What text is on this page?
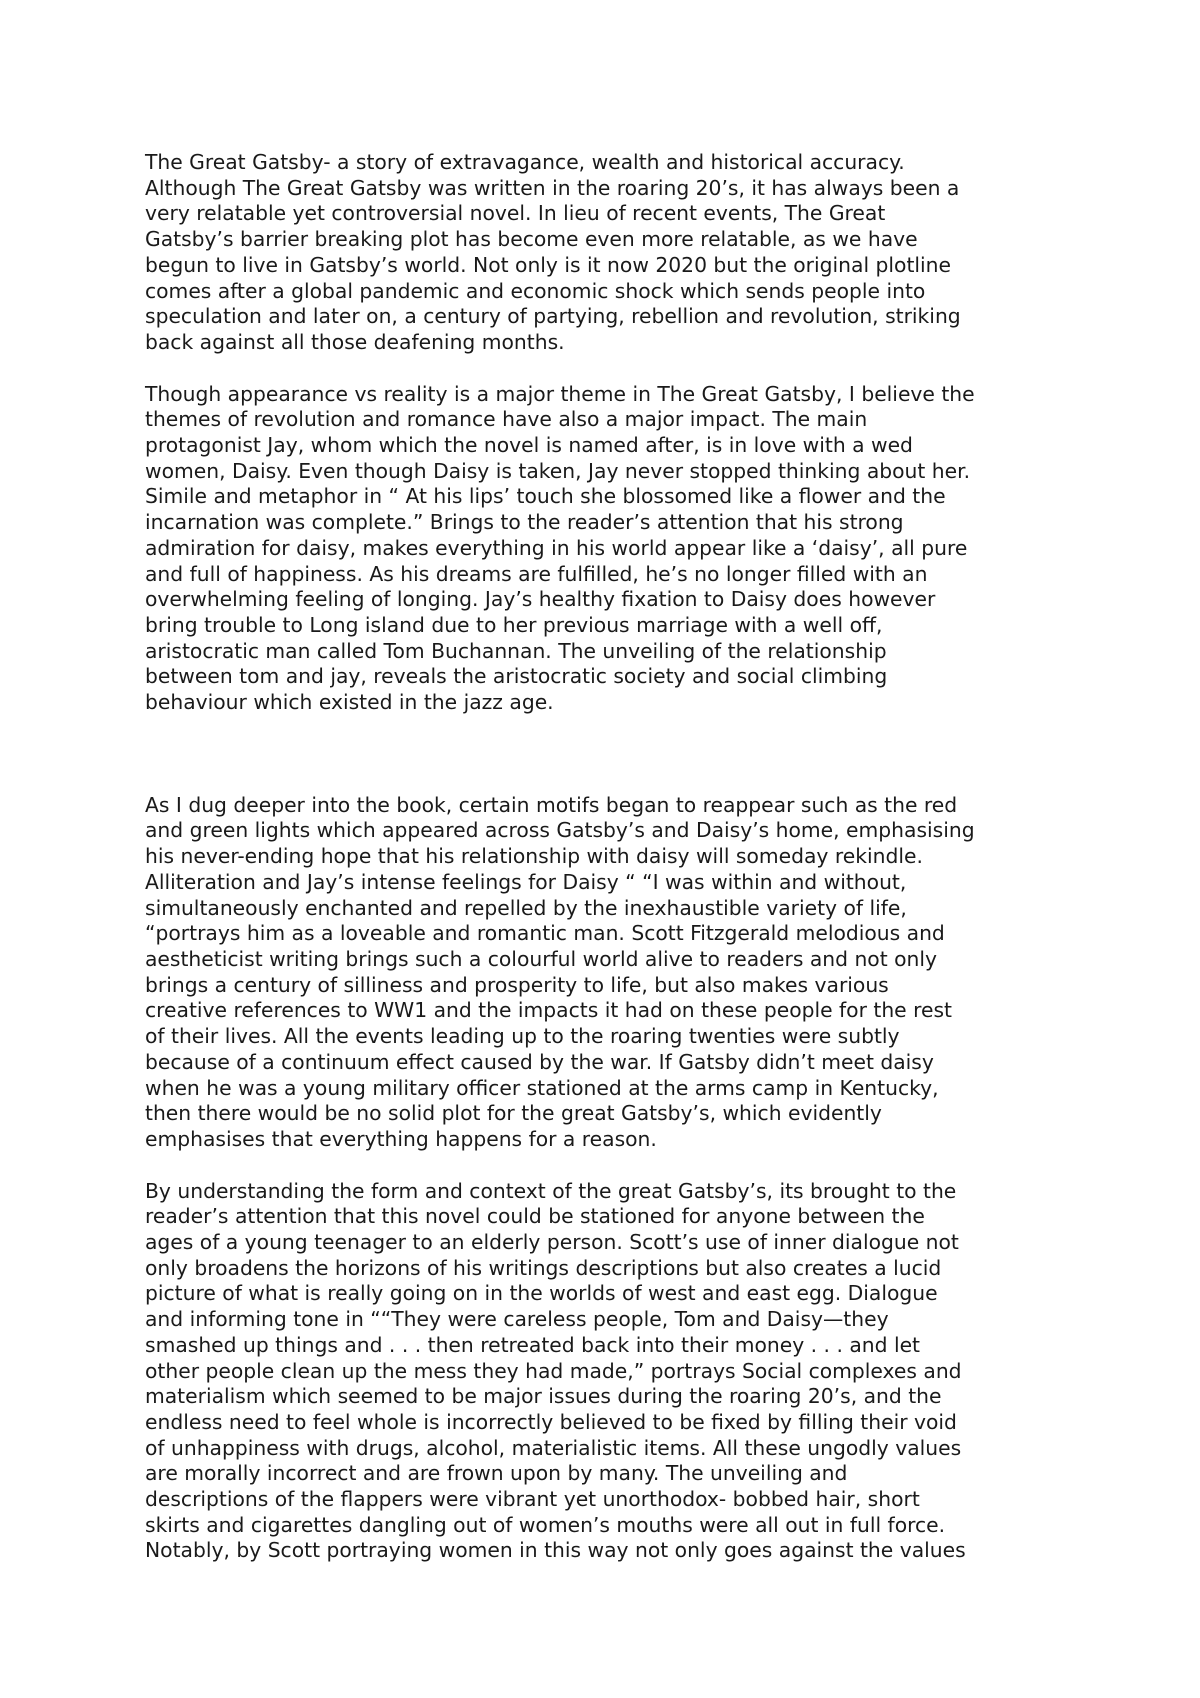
The Great Gatsby- a story of extravagance, wealth and historical accuracy.
Although The Great Gatsby was written in the roaring 20’s, it has always been a
very relatable yet controversial novel. In lieu of recent events, The Great
Gatsby’s barrier breaking plot has become even more relatable, as we have
begun to live in Gatsby’s world. Not only is it now 2020 but the original plotline
comes after a global pandemic and economic shock which sends people into
speculation and later on, a century of partying, rebellion and revolution, striking
back against all those deafening months.
Though appearance vs reality is a major theme in The Great Gatsby, I believe the
themes of revolution and romance have also a major impact. The main
protagonist Jay, whom which the novel is named after, is in love with a wed
women, Daisy. Even though Daisy is taken, Jay never stopped thinking about her.
Simile and metaphor in “ At his lips’ touch she blossomed like a flower and the
incarnation was complete.” Brings to the reader’s attention that his strong
admiration for daisy, makes everything in his world appear like a ‘daisy’, all pure
and full of happiness. As his dreams are fulfilled, he’s no longer filled with an
overwhelming feeling of longing. Jay’s healthy fixation to Daisy does however
bring trouble to Long island due to her previous marriage with a well off,
aristocratic man called Tom Buchannan. The unveiling of the relationship
between tom and jay, reveals the aristocratic society and social climbing
behaviour which existed in the jazz age.
As I dug deeper into the book, certain motifs began to reappear such as the red
and green lights which appeared across Gatsby’s and Daisy’s home, emphasising
his never-ending hope that his relationship with daisy will someday rekindle.
Alliteration and Jay’s intense feelings for Daisy “ “I was within and without,
simultaneously enchanted and repelled by the inexhaustible variety of life,
“portrays him as a loveable and romantic man. Scott Fitzgerald melodious and
aestheticist writing brings such a colourful world alive to readers and not only
brings a century of silliness and prosperity to life, but also makes various
creative references to WW1 and the impacts it had on these people for the rest
of their lives. All the events leading up to the roaring twenties were subtly
because of a continuum effect caused by the war. If Gatsby didn’t meet daisy
when he was a young military officer stationed at the arms camp in Kentucky,
then there would be no solid plot for the great Gatsby’s, which evidently
emphasises that everything happens for a reason.
By understanding the form and context of the great Gatsby’s, its brought to the
reader’s attention that this novel could be stationed for anyone between the
ages of a young teenager to an elderly person. Scott’s use of inner dialogue not
only broadens the horizons of his writings descriptions but also creates a lucid
picture of what is really going on in the worlds of west and east egg. Dialogue
and informing tone in ““They were careless people, Tom and Daisy—they
smashed up things and . . . then retreated back into their money . . . and let
other people clean up the mess they had made,” portrays Social complexes and
materialism which seemed to be major issues during the roaring 20’s, and the
endless need to feel whole is incorrectly believed to be fixed by filling their void
of unhappiness with drugs, alcohol, materialistic items. All these ungodly values
are morally incorrect and are frown upon by many. The unveiling and
descriptions of the flappers were vibrant yet unorthodox- bobbed hair, short
skirts and cigarettes dangling out of women’s mouths were all out in full force.
Notably, by Scott portraying women in this way not only goes against the values
